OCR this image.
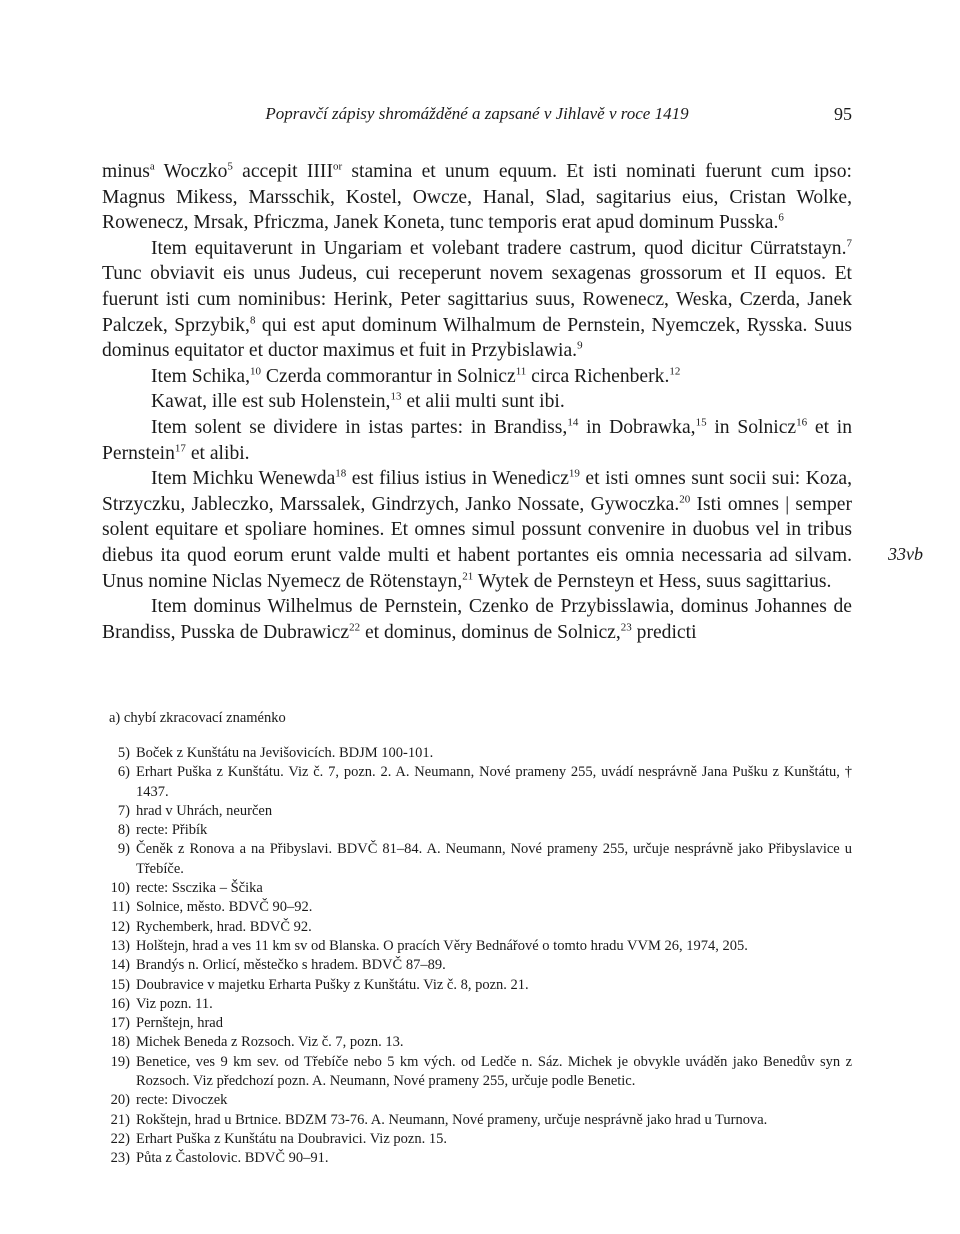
Popravčí zápisy shromážděné a zapsané v Jihlavě v roce 1419	95
33vb

minus$^a$ Woczko$^5$ accepit $IIII^{or}$ stamina et unum equum. Et isti nominati fuerunt cum ipso: Magnus Mikess, Marsschik, Kostel, Owcze, Hanal, Slad, sagitarius eius, Cristan Wolke, Rowenecz, Mrsak, Pfriczma, Janek Koneta, tunc temporis erat apud dominum Pusska.$^6$

Item equitaverunt in Ungariam et volebant tradere castrum, quod dicitur Cürratstayn.$^7$ Tunc obviavit eis unus Judeus, cui receperunt novem sexagenas grossorum et II equos. Et fuerunt isti cum nominibus: Herink, Peter sagittarius suus, Rowenecz, Weska, Czerda, Janek Palczek, Sprzybik,$^8$ qui est aput dominum Wilhalmum de Pernstein, Nyemczek, Rysska. Suus dominus equitator et ductor maximus et fuit in Przybislawia.$^9$

Item Schika,$^{10}$ Czerda commorantur in Solnicz$^{11}$ circa Richenberk.$^{12}$

Kawat, ille est sub Holenstein,$^{13}$ et alii multi sunt ibi.

Item solent se dividere in istas partes: in Brandiss,$^{14}$ in Dobrawka,$^{15}$ in Solnicz$^{16}$ et in Pernstein$^{17}$ et alibi.

Item Michku Wenewda$^{18}$ est filius istius in Wenedicz$^{19}$ et isti omnes sunt socii sui: Koza, Strzyczku, Jableczko, Marssalek, Gindrzych, Janko Nossate, Gywoczka.$^{20}$ Isti omnes | semper solent equitare et spoliare homines. Et omnes simul possunt convenire in duobus vel in tribus diebus ita quod eorum erunt valde multi et habent portantes eis omnia necessaria ad silvam. Unus nomine Niclas Nyemecz de Rötenstayn,$^{21}$ Wytek de Pernsteyn et Hess, suus sagittarius.

Item dominus Wilhelmus de Pernstein, Czenko de Przybisslawia, dominus Johannes de Brandiss, Pusska de Dubrawicz$^{22}$ et dominus, dominus de Solnicz,$^{23}$ predicti

a) chybí zkracovací znaménko
5) Boček z Kunštátu na Jevišovicích. BDJM 100-101.
6) Erhart Puška z Kunštátu. Viz č. 7, pozn. 2. A. Neumann, Nové prameny 255, uvádí nesprávně Jana Pušku z Kunštátu, † 1437.
7) hrad v Uhrách, neurčen
8) recte: Přibík
9) Čeněk z Ronova a na Přibyslavi. BDVČ 81–84. A. Neumann, Nové prameny 255, určuje nesprávně jako Přibyslavice u Třebíče.
10) recte: Ssczika – Ščika
11) Solnice, město. BDVČ 90–92.
12) Rychemberk, hrad. BDVČ 92.
13) Holštejn, hrad a ves 11 km sv od Blanska. O pracích Věry Bednářové o tomto hradu VVM 26, 1974, 205.
14) Brandýs n. Orlicí, městečko s hradem. BDVČ 87–89.
15) Doubravice v majetku Erharta Pušky z Kunštátu. Viz č. 8, pozn. 21.
16) Viz pozn. 11.
17) Pernštejn, hrad
18) Michek Beneda z Rozsoch. Viz č. 7, pozn. 13.
19) Benetice, ves 9 km sev. od Třebíče nebo 5 km vých. od Ledče n. Sáz. Michek je obvykle uváděn jako Benedův syn z Rozsoch. Viz předchozí pozn. A. Neumann, Nové prameny 255, určuje podle Benetic.
20) recte: Divoczek
21) Rokštejn, hrad u Brtnice. BDZM 73-76. A. Neumann, Nové prameny, určuje nesprávně jako hrad u Turnova.
22) Erhart Puška z Kunštátu na Doubravici. Viz pozn. 15.
23) Půta z Častolovic. BDVČ 90–91.
